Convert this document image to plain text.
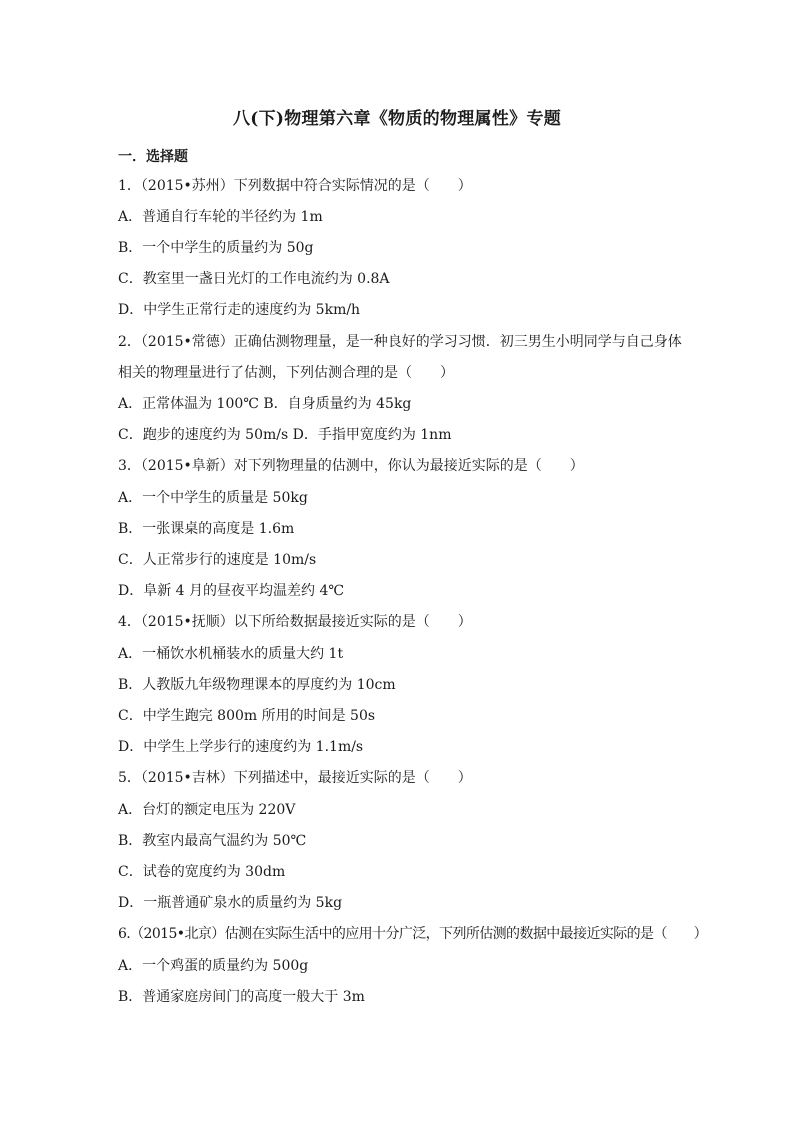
八(下)物理第六章《物质的物理属性》专题
一．选择题
1．（2015•苏州）下列数据中符合实际情况的是（　　）
A．普通自行车轮的半径约为 1m
B．一个中学生的质量约为 50g
C．教室里一盏日光灯的工作电流约为 0.8A
D．中学生正常行走的速度约为 5km/h
2．（2015•常德）正确估测物理量，是一种良好的学习习惯．初三男生小明同学与自己身体
相关的物理量进行了估测，下列估测合理的是（　　）
A．正常体温为 100℃ B．自身质量约为 45kg
C．跑步的速度约为 50m/s D．手指甲宽度约为 1nm
3．（2015•阜新）对下列物理量的估测中，你认为最接近实际的是（　　）
A．一个中学生的质量是 50kg
B．一张课桌的高度是 1.6m
C．人正常步行的速度是 10m/s
D．阜新 4 月的昼夜平均温差约 4℃
4．（2015•抚顺）以下所给数据最接近实际的是（　　）
A．一桶饮水机桶装水的质量大约 1t
B．人教版九年级物理课本的厚度约为 10cm
C．中学生跑完 800m 所用的时间是 50s
D．中学生上学步行的速度约为 1.1m/s
5．（2015•吉林）下列描述中，最接近实际的是（　　）
A．台灯的额定电压为 220V
B．教室内最高气温约为 50℃
C．试卷的宽度约为 30dm
D．一瓶普通矿泉水的质量约为 5kg
6.（2015•北京）估测在实际生活中的应用十分广泛，下列所估测的数据中最接近实际的是（　　）
A．一个鸡蛋的质量约为 500g
B．普通家庭房间门的高度一般大于 3m
